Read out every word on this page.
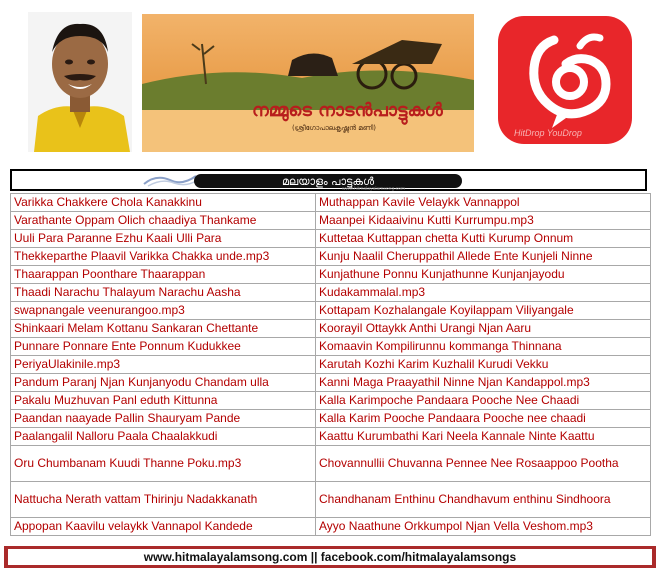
നമ്മുടെ നാടൻപാട്ടുകൾ
(ശ്രീഗോപാലകൃഷ്ണൻ മണി)	HitDrop YouDrop
മലയാളം പാട്ടുകൾ
www.hitmalayalamsong.com
Varikka Chakkere Chola Kanakkinu	Muthappan Kavile Velaykk Vannappol
Varathante Oppam Olich chaadiya Thankame	Maanpei Kidaaivinu Kutti Kurrumpu.mp3
Uuli Para Paranne Ezhu Kaali Ulli Para	Kuttetaa Kuttappan chetta Kutti Kurump Onnum
Thekkeparthe Plaavil Varikka Chakka unde.mp3	Kunju Naalil Cheruppathil Allede Ente Kunjeli Ninne
Thaarappan Poonthare Thaarappan	Kunjathune Ponnu Kunjathunne Kunjanjayodu
Thaadi Narachu Thalayum Narachu Aasha	Kudakammalal.mp3
swapnangale veenurangoo.mp3	Kottapam Kozhalangale Koyilappam Viliyangale
Shinkaari Melam Kottanu Sankaran Chettante	Koorayil Ottaykk Anthi Urangi Njan Aaru
Punnare Ponnare Ente Ponnum Kudukkee	Komaavin Kompilirunnu kommanga Thinnana
PeriyaUlakinile.mp3	Karutah Kozhi Karim Kuzhalil Kurudi Vekku
Pandum Paranj Njan Kunjanyodu Chandam ulla	Kanni Maga Praayathil Ninne Njan Kandappol.mp3
Pakalu Muzhuvan Panl eduth Kittunna	Kalla Karimpoche Pandaara Pooche Nee Chaadi
Paandan naayade Pallin Shauryam Pande	Kalla Karim Pooche Pandaara Pooche nee chaadi
Paalangalil Nalloru Paala Chaalakkudi	Kaattu Kurumbathi Kari Neela Kannale Ninte Kaattu
Oru Chumbanam Kuudi Thanne Poku.mp3	Chovannullii Chuvanna Pennee Nee Rosaappoo Pootha
Nattucha Nerath vattam Thirinju Nadakkanath	Chandhanam Enthinu Chandhavum enthinu Sindhoora
Appopan Kaavilu velaykk Vannapol Kandede	Ayyo Naathune Orkkumpol Njan Vella Veshom.mp3
www.hitmalayalamsong.com || facebook.com/hitmalayalamsongs
